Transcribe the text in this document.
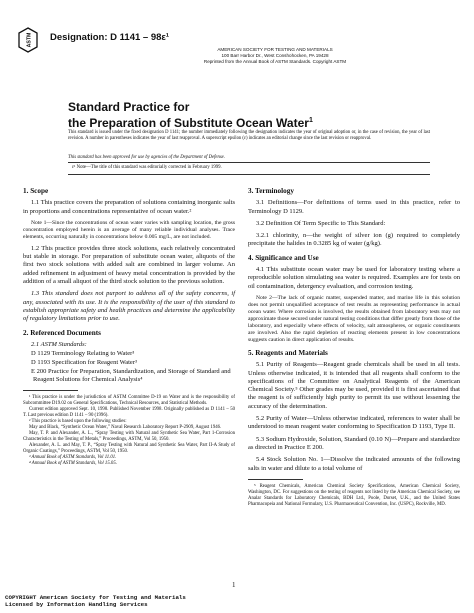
ASTM Designation: D 1141 – 98ε¹
AMERICAN SOCIETY FOR TESTING AND MATERIALS
100 Barr Harbor Dr., West Conshohocken, PA 19428
Reprinted from the Annual Book of ASTM Standards. Copyright ASTM
Standard Practice for
the Preparation of Substitute Ocean Water$^1$
This standard is issued under the fixed designation D 1141; the number immediately following the designation indicates the year of original adoption or, in the case of revision, the year of last revision. A number in parentheses indicates the year of last reapproval. A superscript epsilon (ε) indicates an editorial change since the last revision or reapproval.
This standard has been approved for use by agencies of the Department of Defense.
ε¹ Note—The title of this standard was editorially corrected in February 1999.
1. Scope

1.1 This practice covers the preparation of solutions containing inorganic salts in proportions and concentrations representative of ocean water.²

Note 1—Since the concentrations of ocean water varies with sampling location, the gross concentration employed herein is an average of many reliable individual analyses. Trace elements, occurring naturally in concentrations below 0.005 mg/L, are not included.

1.2 This practice provides three stock solutions, each relatively concentrated but stable in storage. For preparation of substitute ocean water, aliquots of the first two stock solutions with added salt are combined in larger volume. An added refinement in adjustment of heavy metal concentration is provided by the addition of a small aliquot of the third stock solution to the previous solution.

1.3 This standard does not purport to address all of the safety concerns, if any, associated with its use. It is the responsibility of the user of this standard to establish appropriate safety and health practices and determine the applicability of regulatory limitations prior to use.

2. Referenced Documents
2.1 ASTM Standards:
D 1129 Terminology Relating to Water³
D 1193 Specification for Reagent Water³
E 200 Practice for Preparation, Standardization, and Storage of Standard and Reagent Solutions for Chemical Analysis⁴
¹ This practice is under the jurisdiction of ASTM Committee D-19 on Water and is the responsibility of Subcommittee D19.02 on General Specifications, Technical Resources, and Statistical Methods.
Current edition approved Sept. 10, 1998. Published November 1998. Originally published as D 1141 – 50 T. Last previous edition D 1141 – 90 (1996).
² This practice is based upon the following studies:
May and Black, “Synthetic Ocean Water,” Naval Research Laboratory Report P-2909, August 1946.
May, T. P. and Alexander, A. L., “Spray Testing with Natural and Synthetic Sea Water, Part 1-Corrosion Characteristics in the Testing of Metals,” Proceedings, ASTM, Vol 50, 1950.
Alexander, A. L. and May, T. P., “Spray Testing with Natural and Synthetic Sea Water, Part II-A Study of Organic Coatings,” Proceedings, ASTM, Vol 50, 1950.
³ Annual Book of ASTM Standards, Vol 11.01.
⁴ Annual Book of ASTM Standards, Vol 15.05.
3. Terminology

3.1 Definitions—For definitions of terms used in this practice, refer to Terminology D 1129.

3.2 Definition Of Term Specific to This Standard:

3.2.1 chlorinity, n—the weight of silver ion (g) required to completely precipitate the halides in 0.3285 kg of water (g/kg).

4. Significance and Use

4.1 This substitute ocean water may be used for laboratory testing where a reproducible solution simulating sea water is required. Examples are for tests on oil contamination, detergency evaluation, and corrosion testing.

Note 2—The lack of organic matter, suspended matter, and marine life in this solution does not permit unqualified acceptance of test results as representing performance in actual ocean water. Where corrosion is involved, the results obtained from laboratory tests may not approximate those secured under natural testing conditions that differ greatly from those of the laboratory, and especially where effects of velocity, salt atmospheres, or organic constituents are involved. Also the rapid depletion of reacting elements present in low concentrations suggests caution in direct application of results.

5. Reagents and Materials

5.1 Purity of Reagents—Reagent grade chemicals shall be used in all tests. Unless otherwise indicated, it is intended that all reagents shall conform to the specifications of the Committee on Analytical Reagents of the American Chemical Society.⁵ Other grades may be used, provided it is first ascertained that the reagent is of sufficiently high purity to permit its use without lessening the accuracy of the determination.

5.2 Purity of Water—Unless otherwise indicated, references to water shall be understood to mean reagent water conforming to Specification D 1193, Type II.

5.3 Sodium Hydroxide, Solution, Standard (0.10 N)—Prepare and standardize as directed in Practice E 200.

5.4 Stock Solution No. 1—Dissolve the indicated amounts of the following salts in water and dilute to a total volume of

⁵ Reagent Chemicals, American Chemical Society Specifications, American Chemical Society, Washington, DC. For suggestions on the testing of reagents not listed by the American Chemical Society, see Analar Standards for Laboratory Chemicals, BDH Ltd., Poole, Dorset, U.K., and the United States Pharmacopeia and National Formulary, U.S. Pharmaceutical Convention, Inc. (USPC), Rockville, MD.
1
COPYRIGHT American Society for Testing and Materials
Licensed by Information Handling Services
